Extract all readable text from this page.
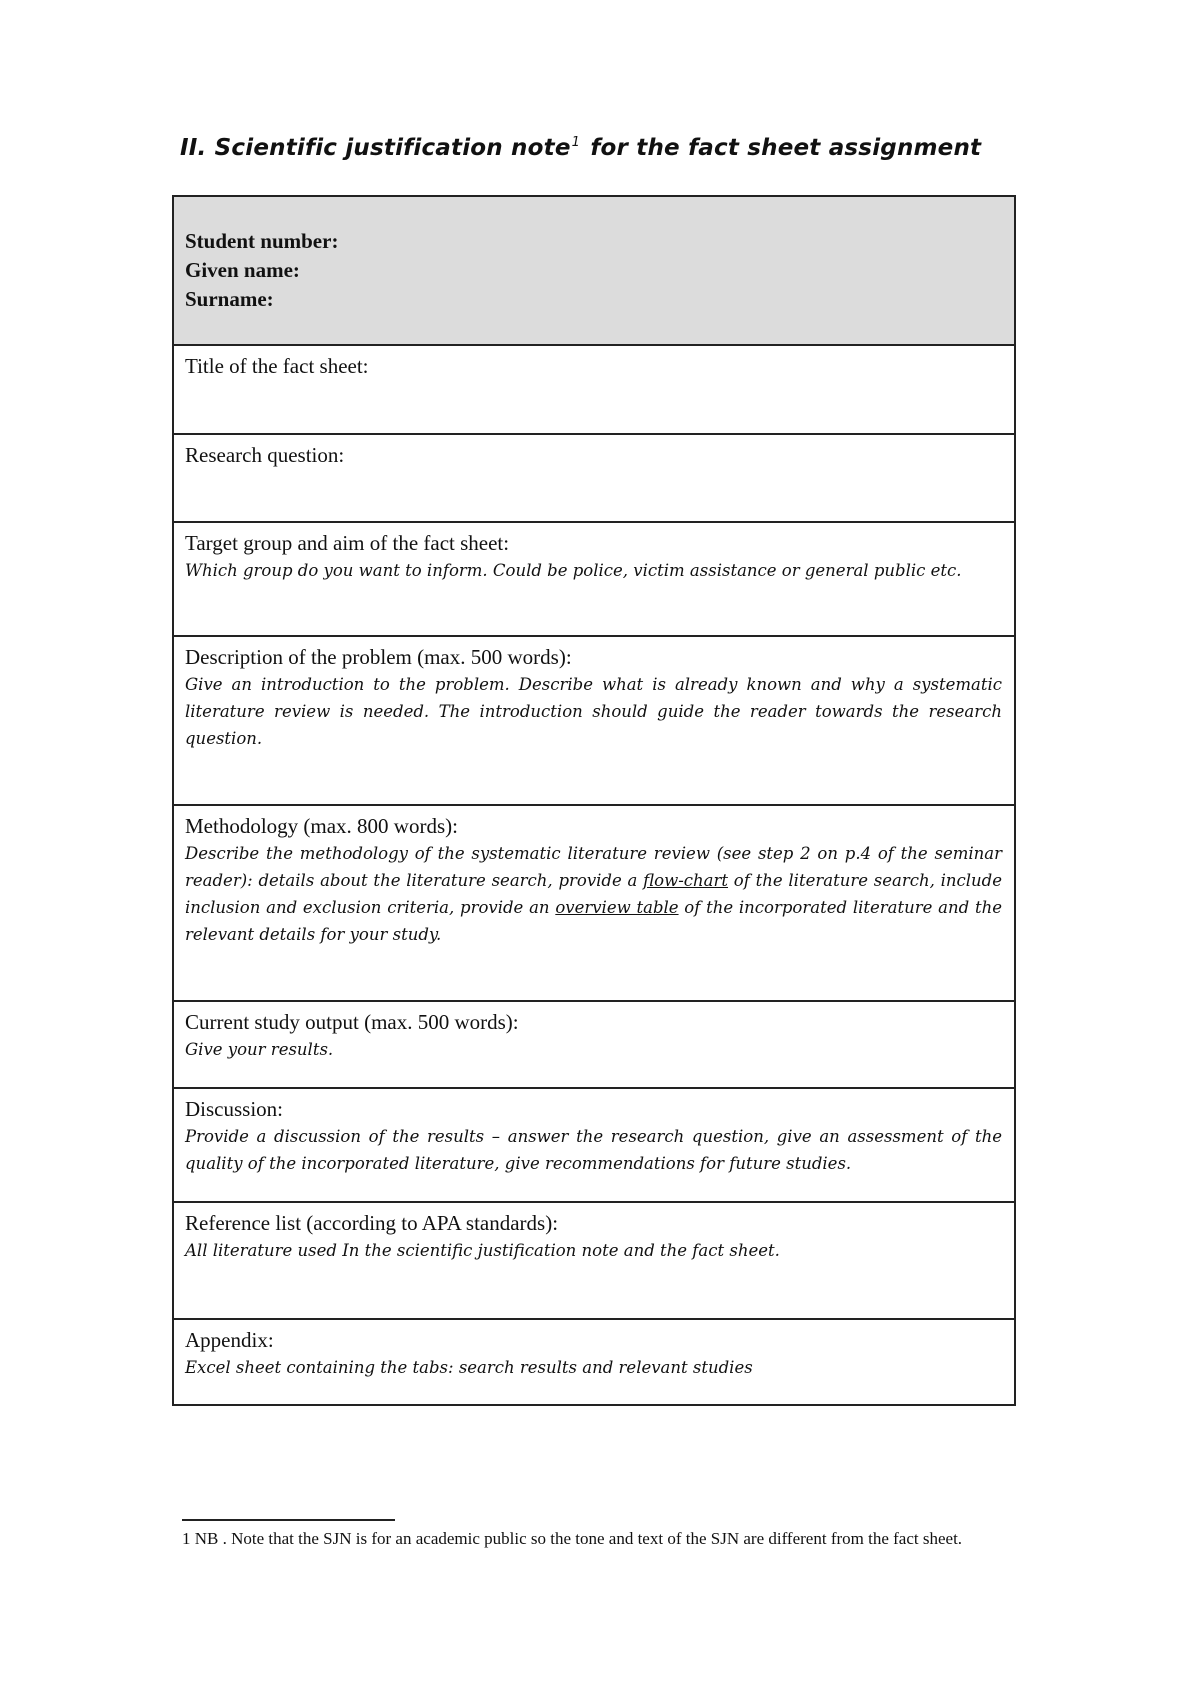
II. Scientific justification note$^1$ for the fact sheet assignment
Student number:
Given name:
Surname:
Title of the fact sheet:
Research question:
Target group and aim of the fact sheet:
Which group do you want to inform. Could be police, victim assistance or general public etc.
Description of the problem (max. 500 words):
Give an introduction to the problem. Describe what is already known and why a systematic literature review is needed. The introduction should guide the reader towards the research question.
Methodology (max. 800 words):
Describe the methodology of the systematic literature review (see step 2 on p.4 of the seminar reader): details about the literature search, provide a flow-chart of the literature search, include inclusion and exclusion criteria, provide an overview table of the incorporated literature and the relevant details for your study.
Current study output (max. 500 words):
Give your results.
Discussion:
Provide a discussion of the results – answer the research question, give an assessment of the quality of the incorporated literature, give recommendations for future studies.
Reference list (according to APA standards):
All literature used In the scientific justification note and the fact sheet.
Appendix:
Excel sheet containing the tabs: search results and relevant studies
1 NB . Note that the SJN is for an academic public so the tone and text of the SJN are different from the fact sheet.
